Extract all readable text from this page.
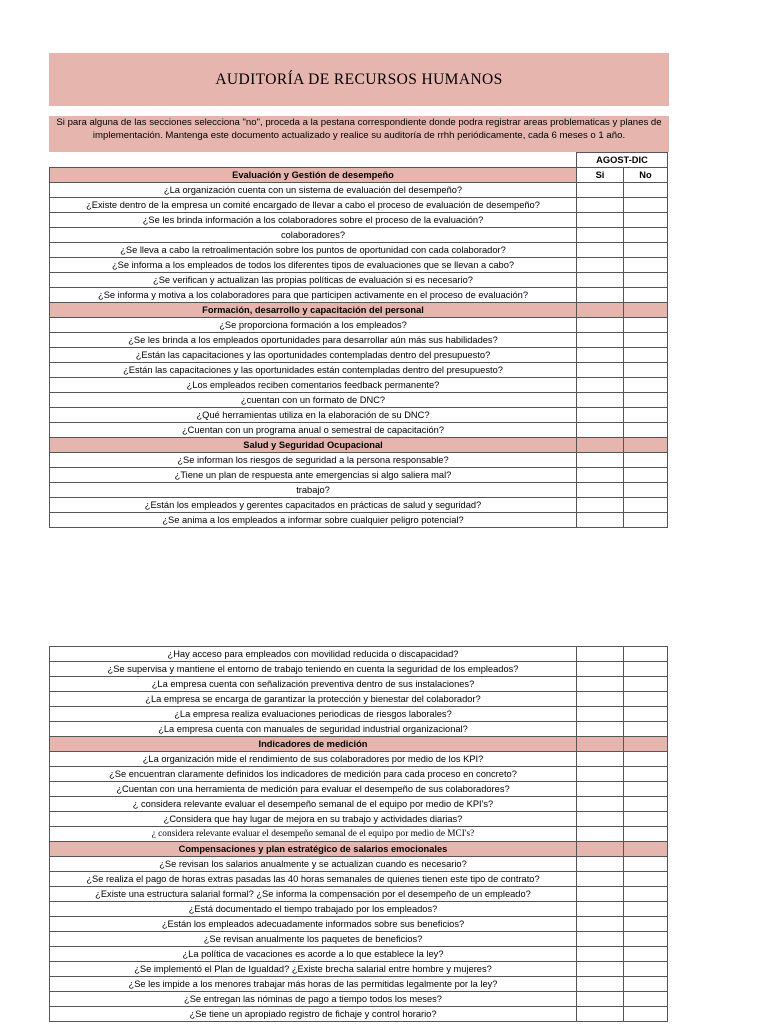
AUDITORÍA DE RECURSOS HUMANOS
Si para alguna de las secciones selecciona "no", proceda a la pestana correspondiente donde podra registrar areas problematicas y planes de implementación. Mantenga este documento actualizado y realice su auditoría de rrhh periódicamente, cada 6 meses o 1 año.
	AGOST-DIC	
Evaluación y Gestión de desempeño	Si	No
¿La organización cuenta con un sistema de evaluación del desempeño?		
¿Existe dentro de la empresa un comité encargado de llevar a cabo el proceso de evaluación de desempeño?		
¿Se les brinda información a los colaboradores sobre el proceso de la evaluación?		
colaboradores?		
¿Se lleva a cabo la retroalimentación sobre los puntos de oportunidad con cada colaborador?		
¿Se informa a los empleados de todos los diferentes tipos de evaluaciones que se llevan a cabo?		
¿Se verifican y actualizan las propias políticas de evaluación si es necesario?		
¿Se informa y motiva a los colaboradores para que participen activamente en el proceso de evaluación?		
Formación, desarrollo y capacitación del personal		
¿Se proporciona formación a los empleados?		
¿Se les brinda a los empleados oportunidades para desarrollar aún más sus habilidades?		
¿Están las capacitaciones y las oportunidades contempladas dentro del presupuesto?		
¿Están las capacitaciones y las oportunidades están contempladas dentro del presupuesto?		
¿Los empleados reciben comentarios feedback permanente?		
¿cuentan con un formato de DNC?		
¿Qué herramientas utiliza en la elaboración de su DNC?		
¿Cuentan con un programa anual o semestral de capacitación?		
Salud y Seguridad Ocupacional		
¿Se informan los riesgos de seguridad a la persona responsable?		
¿Tiene un plan de respuesta ante emergencias si algo saliera mal?		
trabajo?		
¿Están los empleados y gerentes capacitados en prácticas de salud y seguridad?		
¿Se anima a los empleados a informar sobre cualquier peligro potencial?		
¿Hay acceso para empleados con movilidad reducida o discapacidad?		
¿Se supervisa y mantiene el entorno de trabajo teniendo en cuenta la seguridad de los empleados?		
¿La empresa cuenta con señalización preventiva dentro de sus instalaciones?		
¿La empresa se encarga de garantizar la protección y bienestar del colaborador?		
¿La empresa realiza evaluaciones periodicas de riesgos laborales?		
¿La empresa cuenta con manuales de seguridad industrial organizacional?		
Indicadores de medición		
¿La organización mide el rendimiento de sus colaboradores por medio de los KPI?		
¿Se encuentran claramente definidos los indicadores de medición para cada proceso en concreto?		
¿Cuentan con una herramienta de medición para evaluar el desempeño de sus colaboradores?		
¿ considera relevante evaluar el desempeño semanal de el equipo por medio de KPI's?		
¿Considera que hay lugar de mejora en su trabajo y actividades diarias?		
¿ considera relevante evaluar el desempeño semanal de el equipo por medio de MCI's?		
Compensaciones y plan estratégico de salarios emocionales		
¿Se revisan los salarios anualmente y se actualizan cuando es necesario?		
¿Se realiza el pago de horas extras pasadas las 40 horas semanales de quienes tienen este tipo de contrato?		
¿Existe una estructura salarial formal? ¿Se informa la compensación por el desempeño de un empleado?		
¿Está documentado el tiempo trabajado por los empleados?		
¿Están los empleados adecuadamente informados sobre sus beneficios?		
¿Se revisan anualmente los paquetes de beneficios?		
¿La política de vacaciones es acorde a lo que establece la ley?		
¿Se implementó el Plan de Igualdad? ¿Existe brecha salarial entre hombre y mujeres?		
¿Se les impide a los menores trabajar más horas de las permitidas legalmente por la ley?		
¿Se entregan las nóminas de pago a tiempo todos los meses?		
¿Se tiene un apropiado registro de fichaje y control horario?		
